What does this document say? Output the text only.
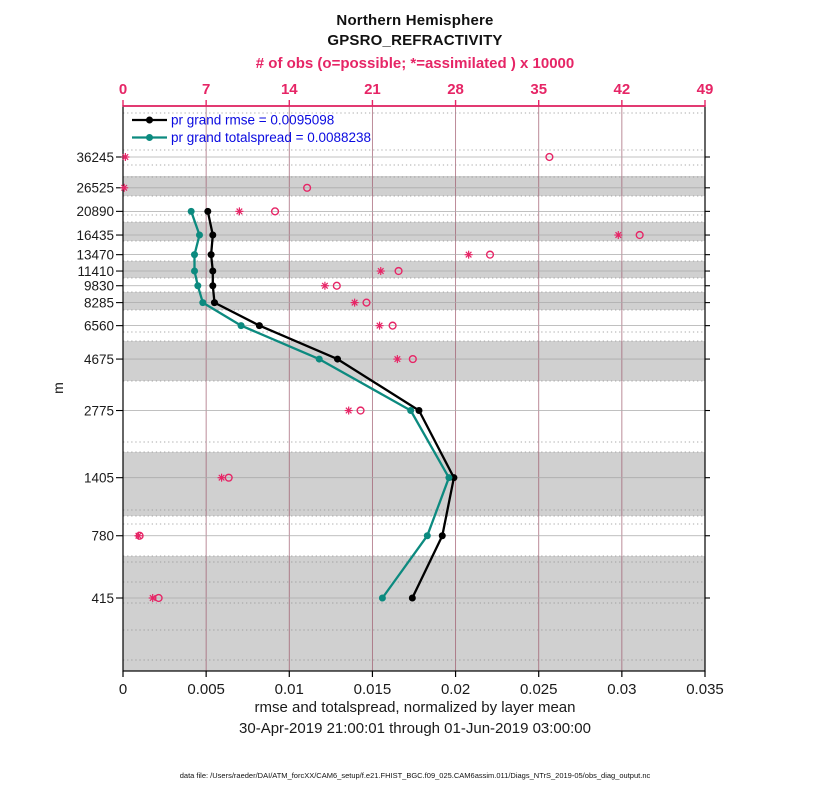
Northern Hemisphere
GPSRO_REFRACTIVITY
# of obs (o=possible; *=assimilated ) x 10000
m
0	0.005	0.01	0.015	0.02	0.025	0.03	0.035
0	7	14	21	28	35	42	49
36245
26525
20890
16435
13470
11410
9830
8285
6560
4675
2775
1405
780
415
pr grand rmse = 0.0095098
pr grand totalspread = 0.0088238
rmse and totalspread, normalized by layer mean
30-Apr-2019 21:00:01 through 01-Jun-2019 03:00:00
data file: /Users/raeder/DAI/ATM_forcXX/CAM6_setup/f.e21.FHIST_BGC.f09_025.CAM6assim.011/Diags_NTrS_2019-05/obs_diag_output.nc
